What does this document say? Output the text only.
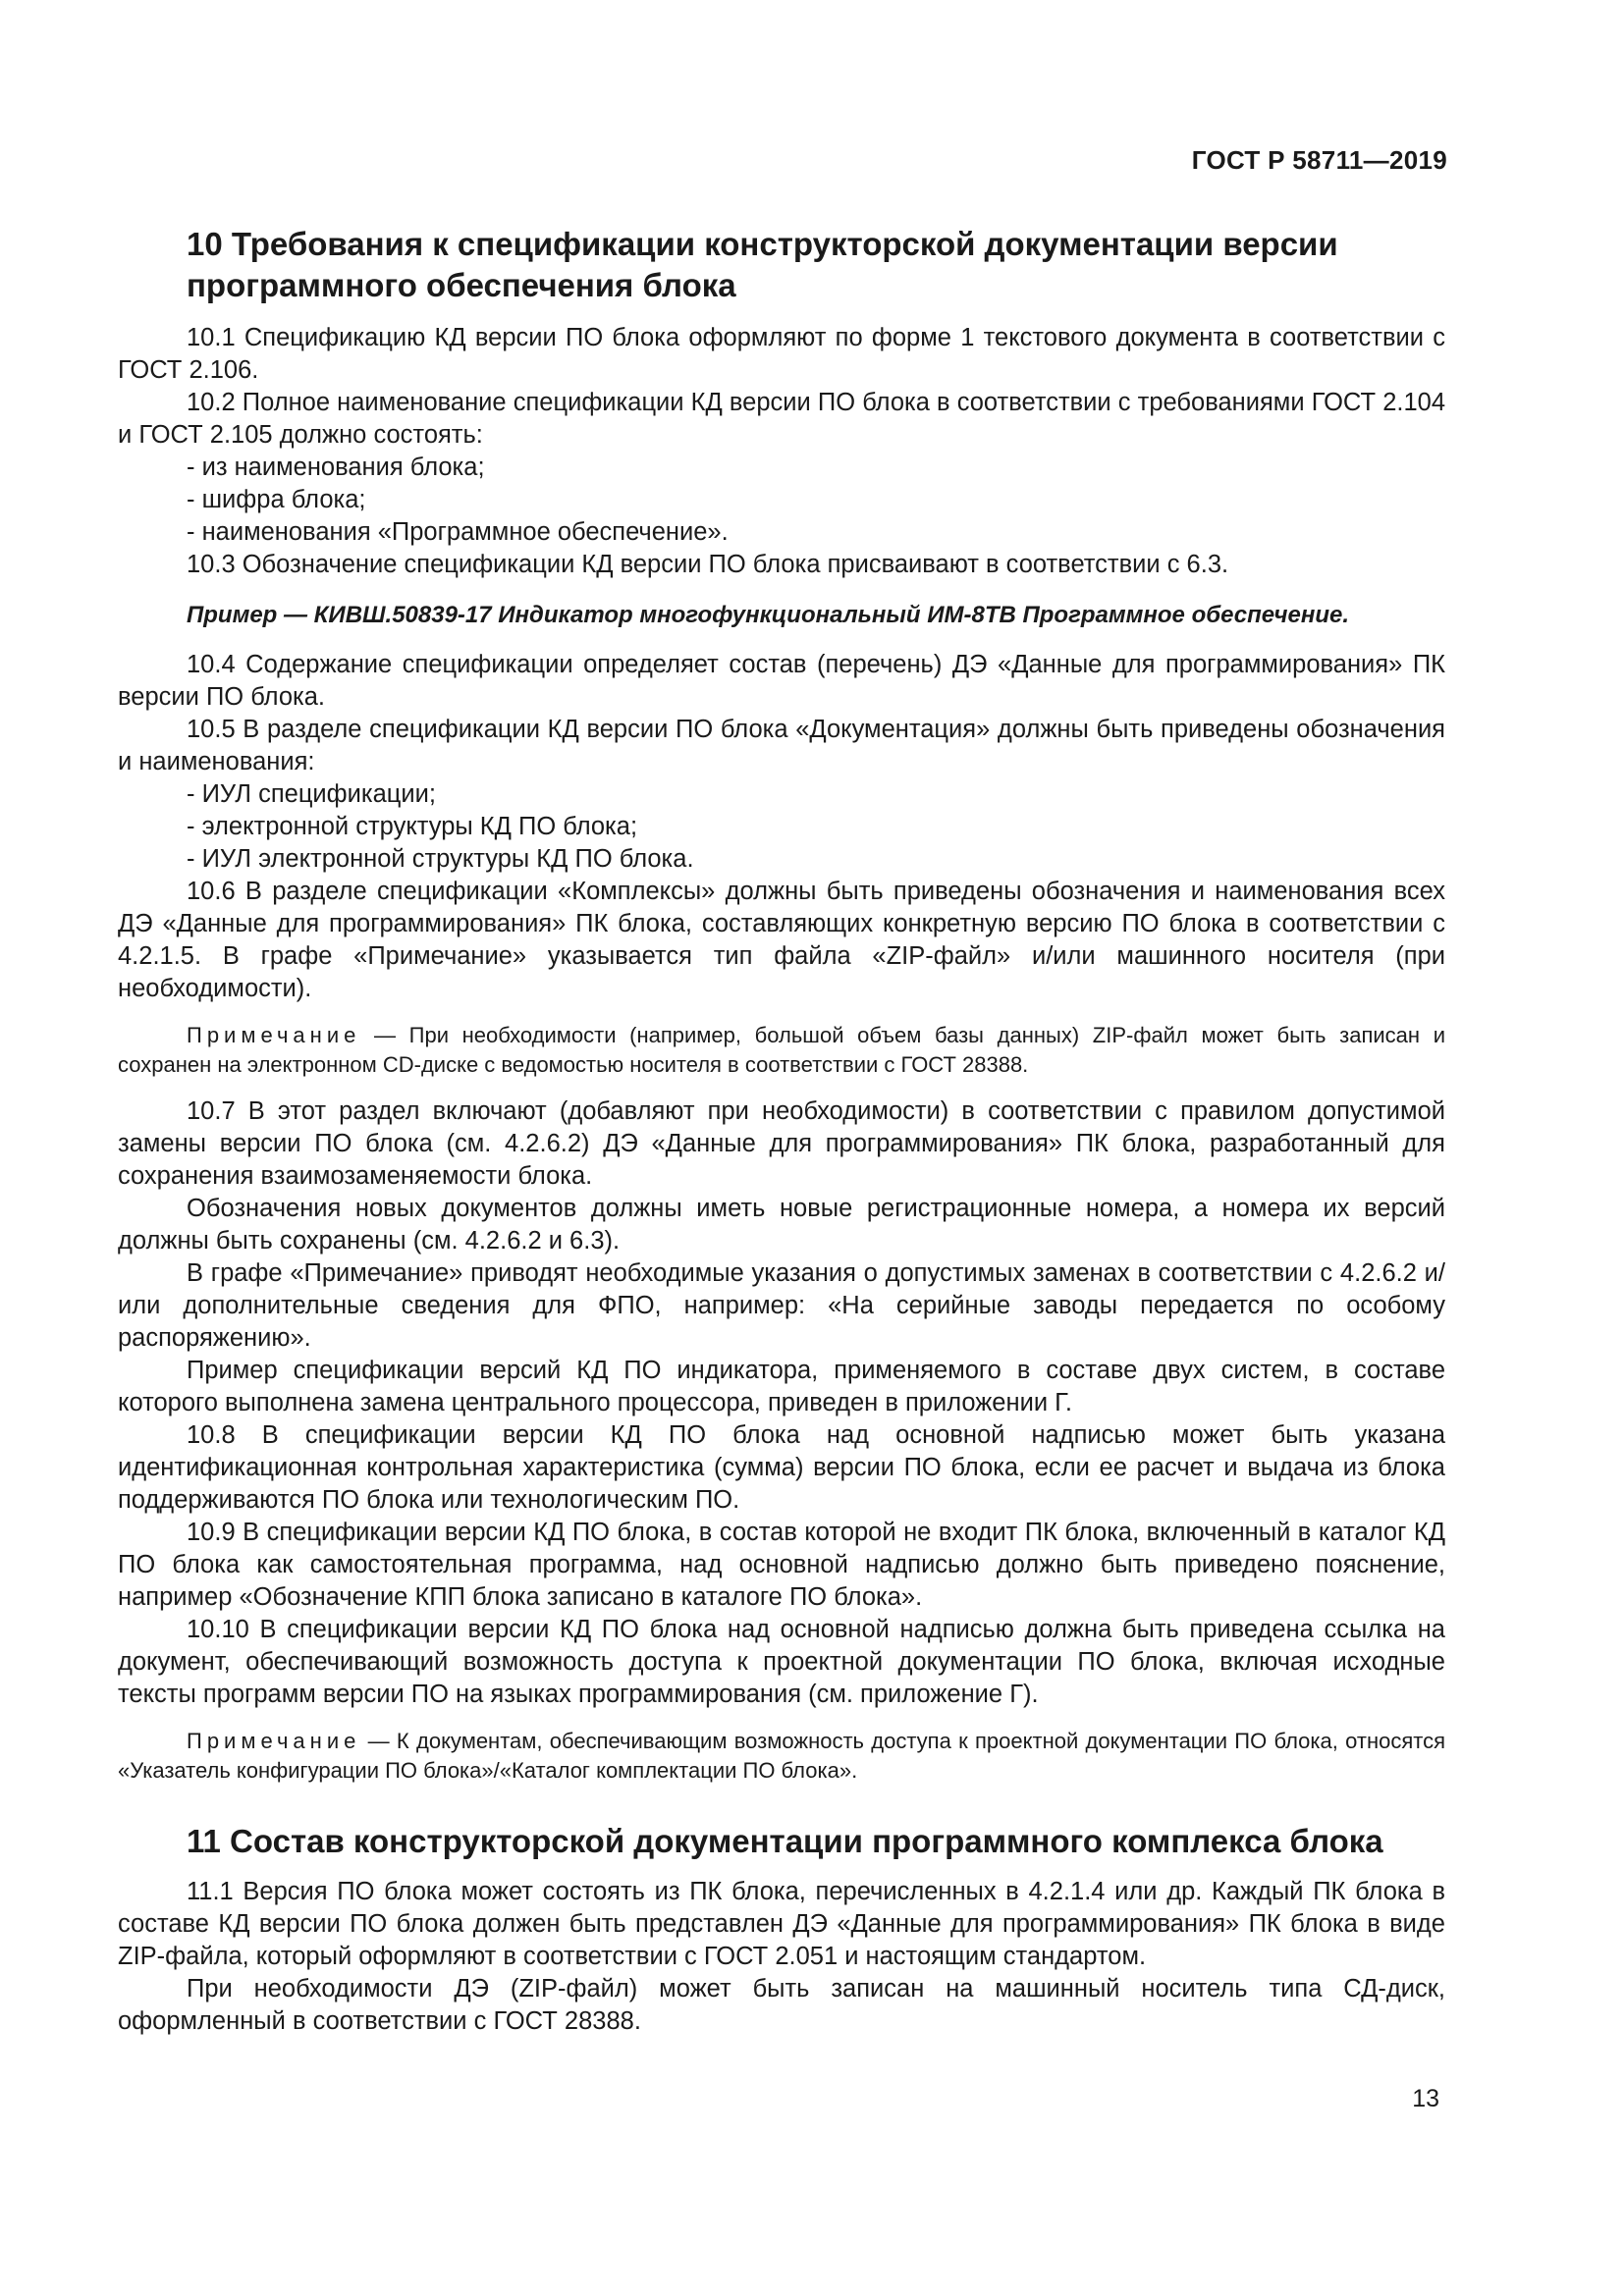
ГОСТ Р 58711—2019
10 Требования к спецификации конструкторской документации версии программного обеспечения блока

10.1 Спецификацию КД версии ПО блока оформляют по форме 1 текстового документа в соответствии с ГОСТ 2.106.

10.2 Полное наименование спецификации КД версии ПО блока в соответствии с требованиями ГОСТ 2.104 и ГОСТ 2.105 должно состоять:

- из наименования блока;
- шифра блока;
- наименования «Программное обеспечение».

10.3 Обозначение спецификации КД версии ПО блока присваивают в соответствии с 6.3.

Пример — КИВШ.50839-17 Индикатор многофункциональный ИМ-8ТВ Программное обеспечение.

10.4 Содержание спецификации определяет состав (перечень) ДЭ «Данные для программирования» ПК версии ПО блока.

10.5 В разделе спецификации КД версии ПО блока «Документация» должны быть приведены обозначения и наименования:

- ИУЛ спецификации;
- электронной структуры КД ПО блока;
- ИУЛ электронной структуры КД ПО блока.

10.6 В разделе спецификации «Комплексы» должны быть приведены обозначения и наименования всех ДЭ «Данные для программирования» ПК блока, составляющих конкретную версию ПО блока в соответствии с 4.2.1.5. В графе «Примечание» указывается тип файла «ZIP-файл» и/или машинного носителя (при необходимости).

Примечание — При необходимости (например, большой объем базы данных) ZIP-файл может быть записан и сохранен на электронном CD-диске с ведомостью носителя в соответствии с ГОСТ 28388.

10.7 В этот раздел включают (добавляют при необходимости) в соответствии с правилом допустимой замены версии ПО блока (см. 4.2.6.2) ДЭ «Данные для программирования» ПК блока, разработанный для сохранения взаимозаменяемости блока.

Обозначения новых документов должны иметь новые регистрационные номера, а номера их версий должны быть сохранены (см. 4.2.6.2 и 6.3).

В графе «Примечание» приводят необходимые указания о допустимых заменах в соответствии с 4.2.6.2 и/или дополнительные сведения для ФПО, например: «На серийные заводы передается по особому распоряжению».

Пример спецификации версий КД ПО индикатора, применяемого в составе двух систем, в составе которого выполнена замена центрального процессора, приведен в приложении Г.

10.8 В спецификации версии КД ПО блока над основной надписью может быть указана идентификационная контрольная характеристика (сумма) версии ПО блока, если ее расчет и выдача из блока поддерживаются ПО блока или технологическим ПО.

10.9 В спецификации версии КД ПО блока, в состав которой не входит ПК блока, включенный в каталог КД ПО блока как самостоятельная программа, над основной надписью должно быть приведено пояснение, например «Обозначение КПП блока записано в каталоге ПО блока».

10.10 В спецификации версии КД ПО блока над основной надписью должна быть приведена ссылка на документ, обеспечивающий возможность доступа к проектной документации ПО блока, включая исходные тексты программ версии ПО на языках программирования (см. приложение Г).

Примечание — К документам, обеспечивающим возможность доступа к проектной документации ПО блока, относятся «Указатель конфигурации ПО блока»/«Каталог комплектации ПО блока».
11 Состав конструкторской документации программного комплекса блока

11.1 Версия ПО блока может состоять из ПК блока, перечисленных в 4.2.1.4 или др. Каждый ПК блока в составе КД версии ПО блока должен быть представлен ДЭ «Данные для программирования» ПК блока в виде ZIP-файла, который оформляют в соответствии с ГОСТ 2.051 и настоящим стандартом.

При необходимости ДЭ (ZIP-файл) может быть записан на машинный носитель типа СД-диск, оформленный в соответствии с ГОСТ 28388.

13
